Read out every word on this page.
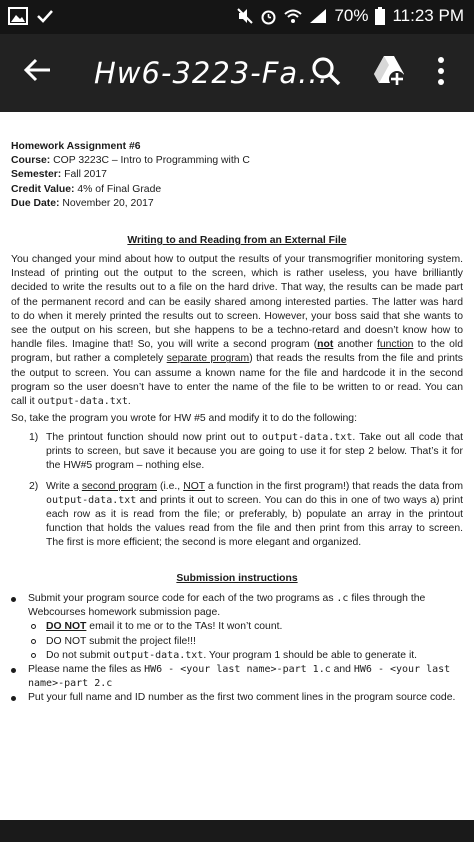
70% 11:23 PM
Hw6-3223-Fa...

Homework Assignment #6

Course: COP 3223C – Intro to Programming with C

Semester: Fall 2017

Credit Value: 4% of Final Grade

Due Date: November 20, 2017

Writing to and Reading from an External File
You changed your mind about how to output the results of your transmogrifier monitoring system. Instead of printing out the output to the screen, which is rather useless, you have brilliantly decided to write the results out to a file on the hard drive. That way, the results can be made part of the permanent record and can be easily shared among interested parties. The latter was hard to do when it merely printed the results out to screen. However, your boss said that she wants to see the output on his screen, but she happens to be a techno-retard and doesn’t know how to handle files. Imagine that! So, you will write a second program (not another function to the old program, but rather a completely separate program) that reads the results from the file and prints the output to screen. You can assume a known name for the file and hardcode it in the second program so the user doesn’t have to enter the name of the file to be written to or read. You can call it output-data.txt.
So, take the program you wrote for HW #5 and modify it to do the following:
1) The printout function should now print out to output-data.txt. Take out all code that prints to screen, but save it because you are going to use it for step 2 below. That’s it for the HW#5 program – nothing else.
2) Write a second program (i.e., NOT a function in the first program!) that reads the data from output-data.txt and prints it out to screen. You can do this in one of two ways a) print each row as it is read from the file; or preferably, b) populate an array in the printout function that holds the values read from the file and then print from this array to screen. The first is more efficient; the second is more elegant and organized.
Submission instructions
Submit your program source code for each of the two programs as .c files through the Webcourses homework submission page.
DO NOT email it to me or to the TAs! It won’t count.
DO NOT submit the project file!!!
Do not submit output-data.txt. Your program 1 should be able to generate it.
Please name the files as HW6 - <your last name>-part 1.c and HW6 - <your last name>-part 2.c
Put your full name and ID number as the first two comment lines in the program source code.
